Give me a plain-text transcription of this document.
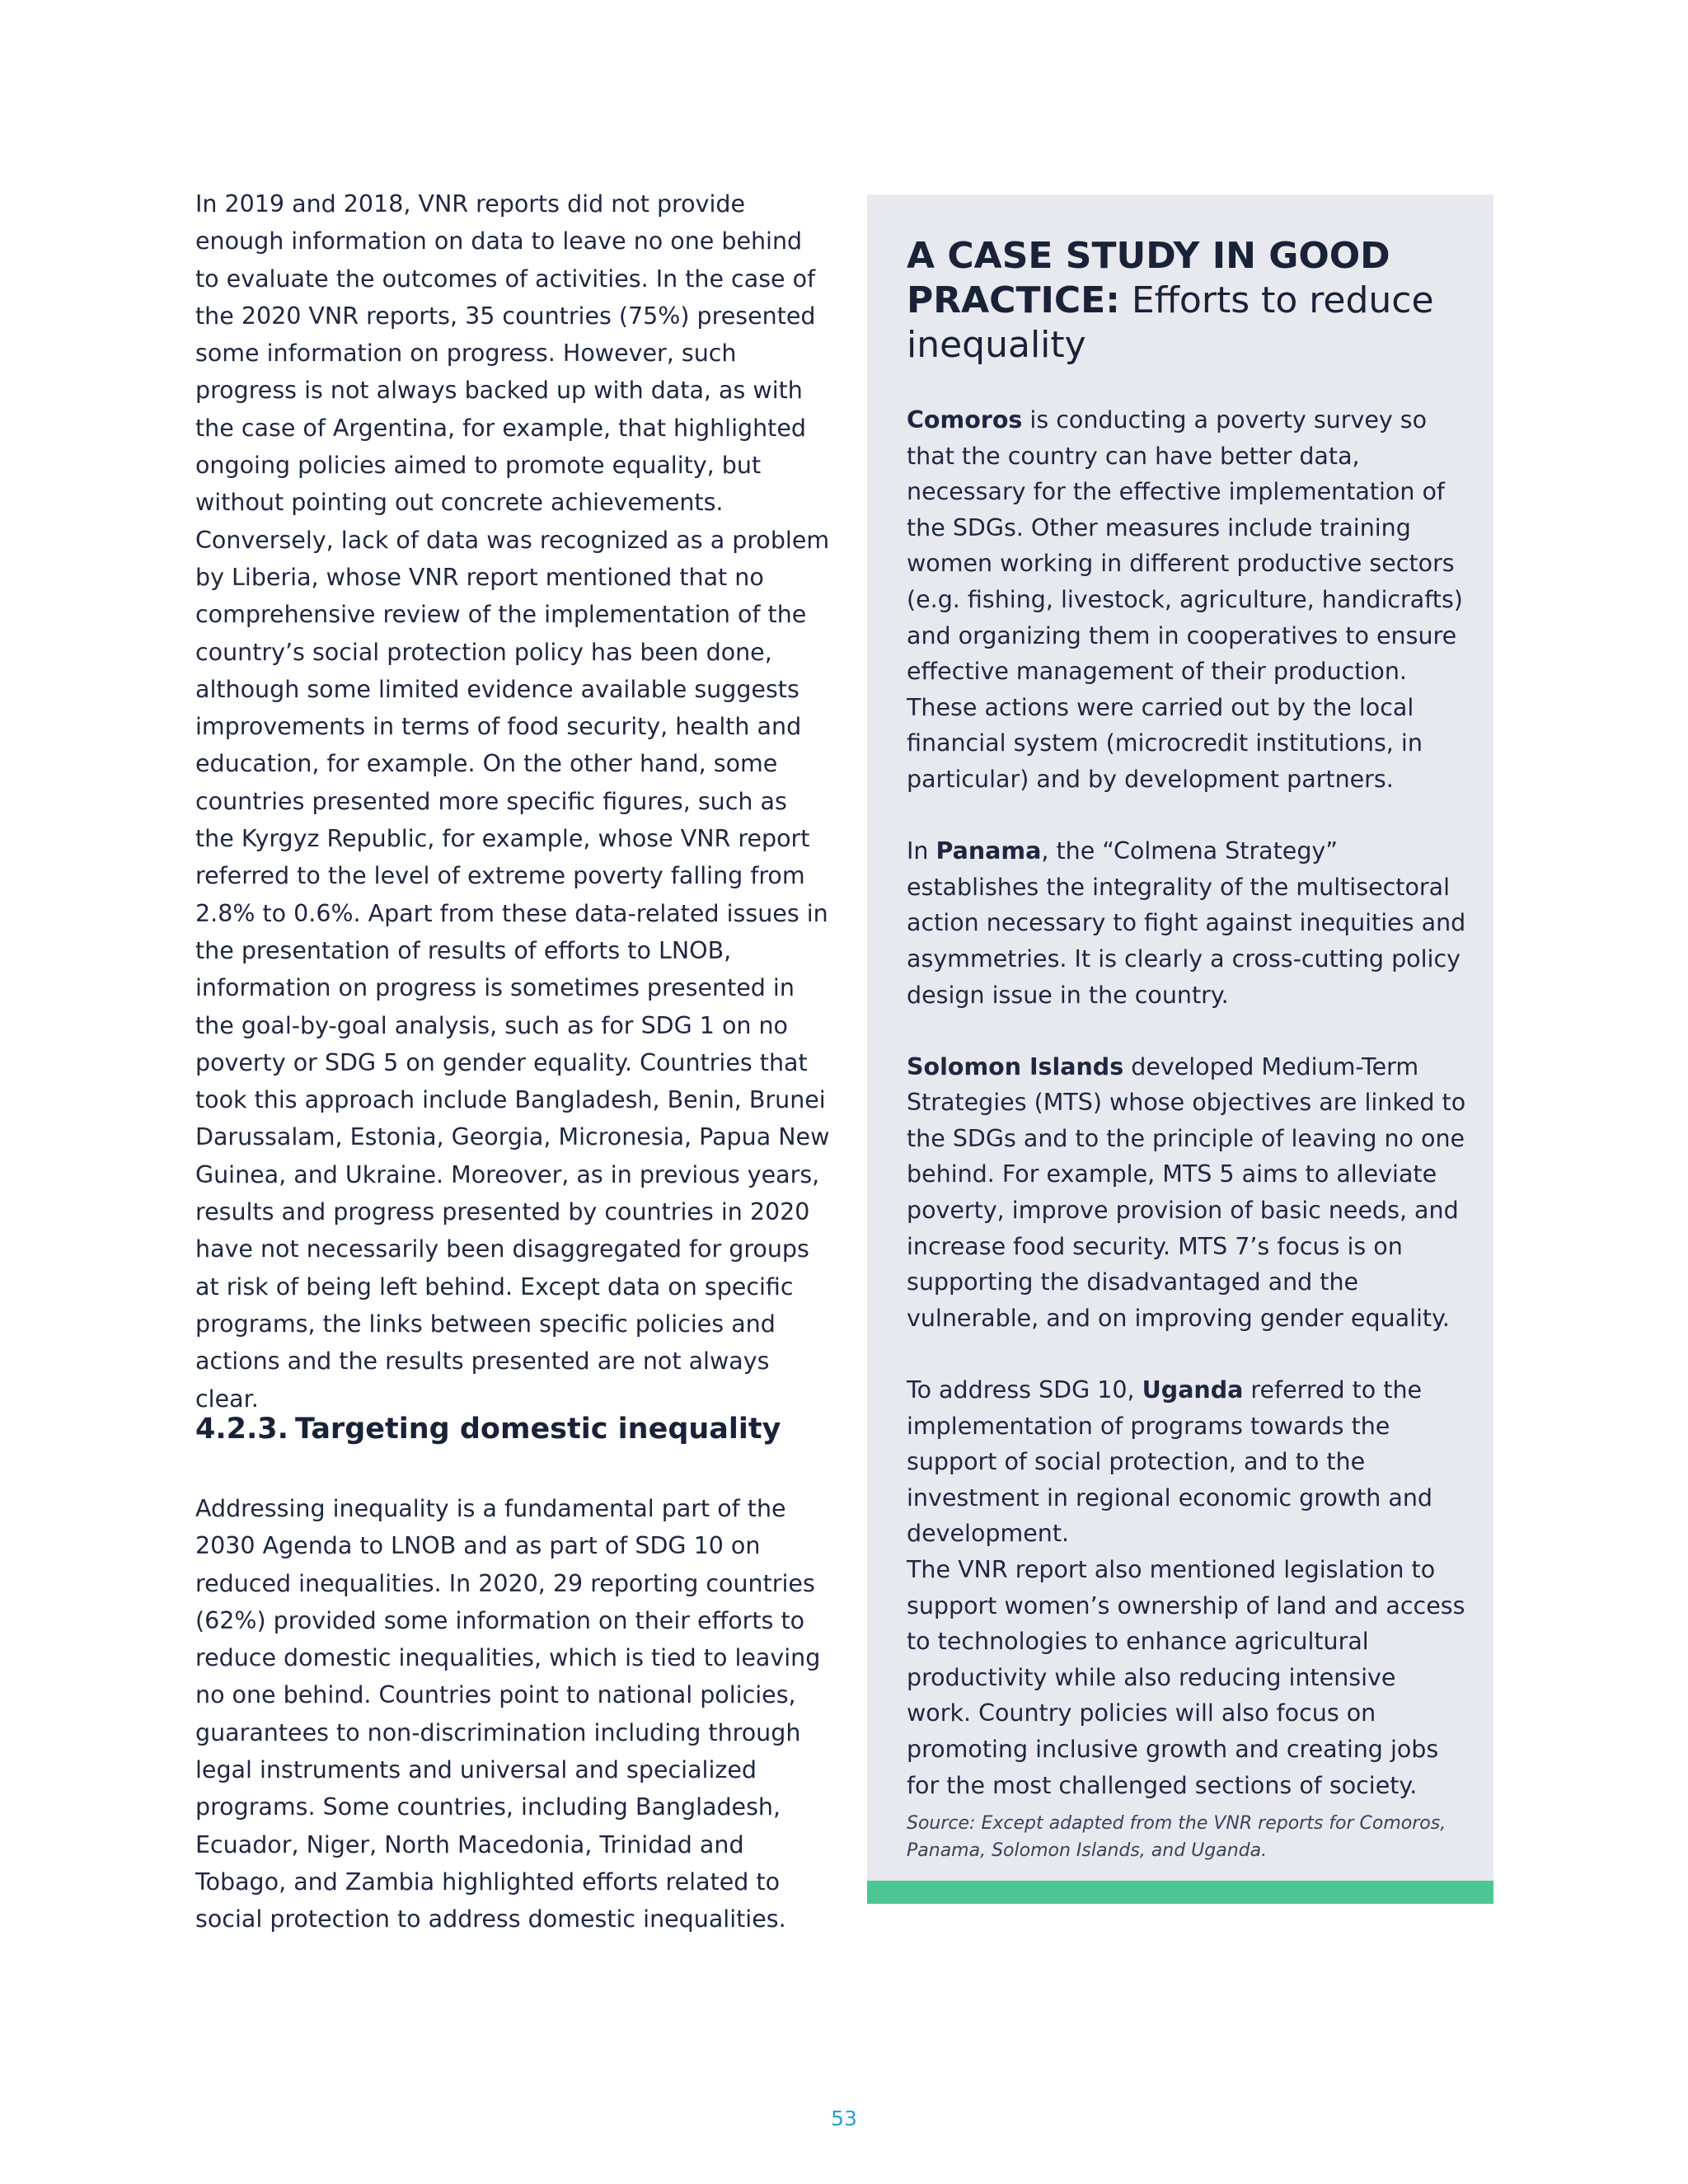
In 2019 and 2018, VNR reports did not provide enough information on data to leave no one behind to evaluate the outcomes of activities. In the case of the 2020 VNR reports, 35 countries (75%) presented some information on progress. However, such progress is not always backed up with data, as with the case of Argentina, for example, that highlighted ongoing policies aimed to promote equality, but without pointing out concrete achievements. Conversely, lack of data was recognized as a problem by Liberia, whose VNR report mentioned that no comprehensive review of the implementation of the country’s social protection policy has been done, although some limited evidence available suggests improvements in terms of food security, health and education, for example. On the other hand, some countries presented more specific figures, such as the Kyrgyz Republic, for example, whose VNR report referred to the level of extreme poverty falling from 2.8% to 0.6%. Apart from these data-related issues in the presentation of results of efforts to LNOB, information on progress is sometimes presented in the goal-by-goal analysis, such as for SDG 1 on no poverty or SDG 5 on gender equality. Countries that took this approach include Bangladesh, Benin, Brunei Darussalam, Estonia, Georgia, Micronesia, Papua New Guinea, and Ukraine. Moreover, as in previous years, results and progress presented by countries in 2020 have not necessarily been disaggregated for groups at risk of being left behind. Except data on specific programs, the links between specific policies and actions and the results presented are not always clear.

4.2.3. Targeting domestic inequality

Addressing inequality is a fundamental part of the 2030 Agenda to LNOB and as part of SDG 10 on reduced inequalities. In 2020, 29 reporting countries (62%) provided some information on their efforts to reduce domestic inequalities, which is tied to leaving no one behind. Countries point to national policies, guarantees to non-discrimination including through legal instruments and universal and specialized programs. Some countries, including Bangladesh, Ecuador, Niger, North Macedonia, Trinidad and Tobago, and Zambia highlighted efforts related to social protection to address domestic inequalities.

A CASE STUDY IN GOOD PRACTICE: Efforts to reduce inequality

Comoros is conducting a poverty survey so that the country can have better data, necessary for the effective implementation of the SDGs. Other measures include training women working in different productive sectors (e.g. fishing, livestock, agriculture, handicrafts) and organizing them in cooperatives to ensure effective management of their production. These actions were carried out by the local financial system (microcredit institutions, in particular) and by development partners.

In Panama, the “Colmena Strategy” establishes the integrality of the multisectoral action necessary to fight against inequities and asymmetries. It is clearly a cross-cutting policy design issue in the country.

Solomon Islands developed Medium-Term Strategies (MTS) whose objectives are linked to the SDGs and to the principle of leaving no one behind. For example, MTS 5 aims to alleviate poverty, improve provision of basic needs, and increase food security. MTS 7’s focus is on supporting the disadvantaged and the vulnerable, and on improving gender equality.

To address SDG 10, Uganda referred to the implementation of programs towards the support of social protection, and to the investment in regional economic growth and development.
The VNR report also mentioned legislation to support women’s ownership of land and access to technologies to enhance agricultural productivity while also reducing intensive work. Country policies will also focus on promoting inclusive growth and creating jobs for the most challenged sections of society.

Source: Except adapted from the VNR reports for Comoros, Panama, Solomon Islands, and Uganda.
53
